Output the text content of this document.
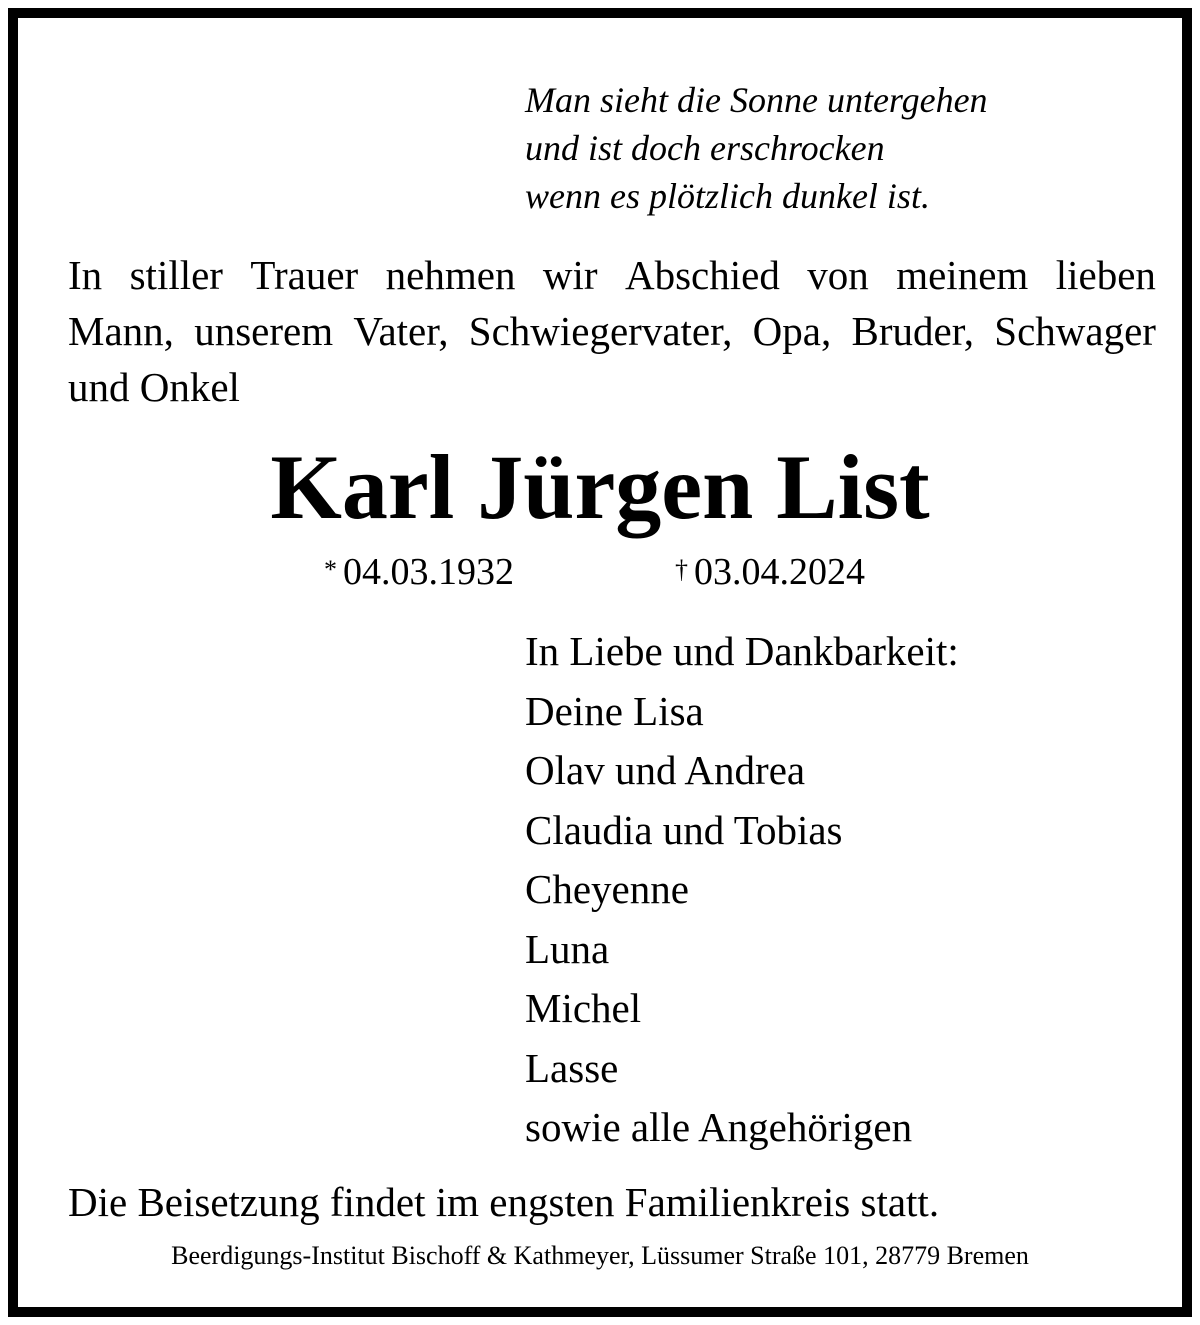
Man sieht die Sonne untergehen
und ist doch erschrocken
wenn es plötzlich dunkel ist.
In stiller Trauer nehmen wir Abschied von meinem lieben
Mann, unserem Vater, Schwiegervater, Opa, Bruder, Schwager
und Onkel
Karl Jürgen List
* 04.03.1932	† 03.04.2024
In Liebe und Dankbarkeit:
Deine Lisa
Olav und Andrea
Claudia und Tobias
Cheyenne
Luna
Michel
Lasse
sowie alle Angehörigen
Die Beisetzung findet im engsten Familienkreis statt.
Beerdigungs-Institut Bischoff & Kathmeyer, Lüssumer Straße 101, 28779 Bremen
